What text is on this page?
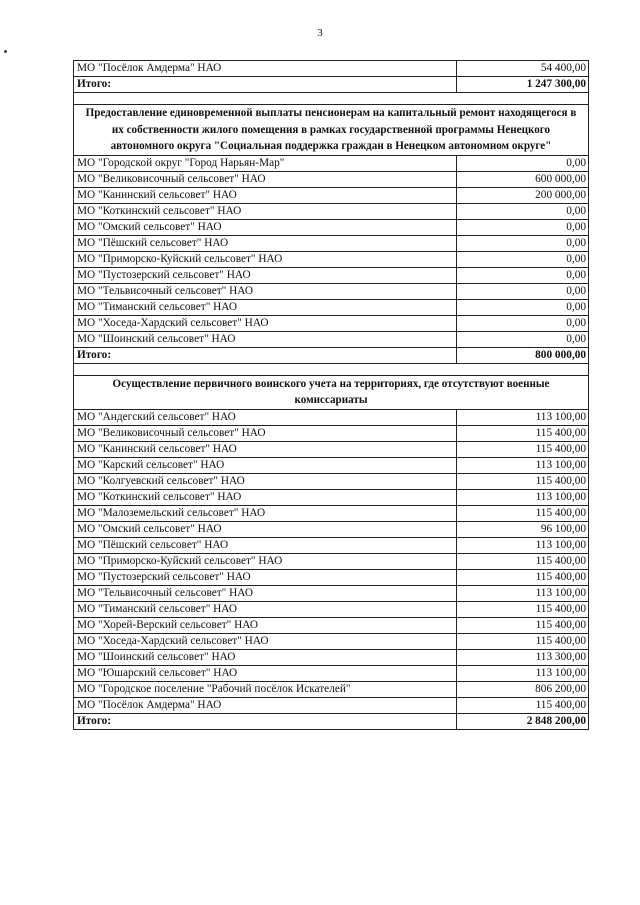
3
МО "Посёлок Амдерма" НАО	54 400,00
Итого:	1 247 300,00

Предоставление единовременной выплаты пенсионерам на капитальный ремонт находящегося в их собственности жилого помещения в рамках государственной программы Ненецкого автономного округа "Социальная поддержка граждан в Ненецком автономном округе"	
МО "Городской округ "Город Нарьян-Мар"	0,00
МО "Великовисочный сельсовет" НАО	600 000,00
МО "Канинский сельсовет" НАО	200 000,00
МО "Коткинский сельсовет" НАО	0,00
МО "Омский сельсовет" НАО	0,00
МО "Пёшский сельсовет" НАО	0,00
МО "Приморско-Куйский сельсовет" НАО	0,00
МО "Пустозерский сельсовет" НАО	0,00
МО "Тельвисочный сельсовет" НАО	0,00
МО "Тиманский сельсовет" НАО	0,00
МО "Хоседа-Хардский сельсовет" НАО	0,00
МО "Шоинский сельсовет" НАО	0,00
Итого:	800 000,00

Осуществление первичного воинского учета на территориях, где отсутствуют военные комиссариаты	
МО "Андегский сельсовет" НАО	113 100,00
МО "Великовисочный сельсовет" НАО	115 400,00
МО "Канинский сельсовет" НАО	115 400,00
МО "Карский сельсовет" НАО	113 100,00
МО "Колгуевский сельсовет" НАО	115 400,00
МО "Коткинский сельсовет" НАО	113 100,00
МО "Малоземельский сельсовет" НАО	115 400,00
МО "Омский сельсовет" НАО	96 100,00
МО "Пёшский сельсовет" НАО	113 100,00
МО "Приморско-Куйский сельсовет" НАО	115 400,00
МО "Пустозерский сельсовет" НАО	115 400,00
МО "Тельвисочный сельсовет" НАО	113 100,00
МО "Тиманский сельсовет" НАО	115 400,00
МО "Хорей-Верский сельсовет" НАО	115 400,00
МО "Хоседа-Хардский сельсовет" НАО	115 400,00
МО "Шоинский сельсовет" НАО	113 300,00
МО "Юшарский сельсовет" НАО	113 100,00
МО "Городское поселение "Рабочий посёлок Искателей"	806 200,00
МО "Посёлок Амдерма" НАО	115 400,00
Итого:	2 848 200,00
